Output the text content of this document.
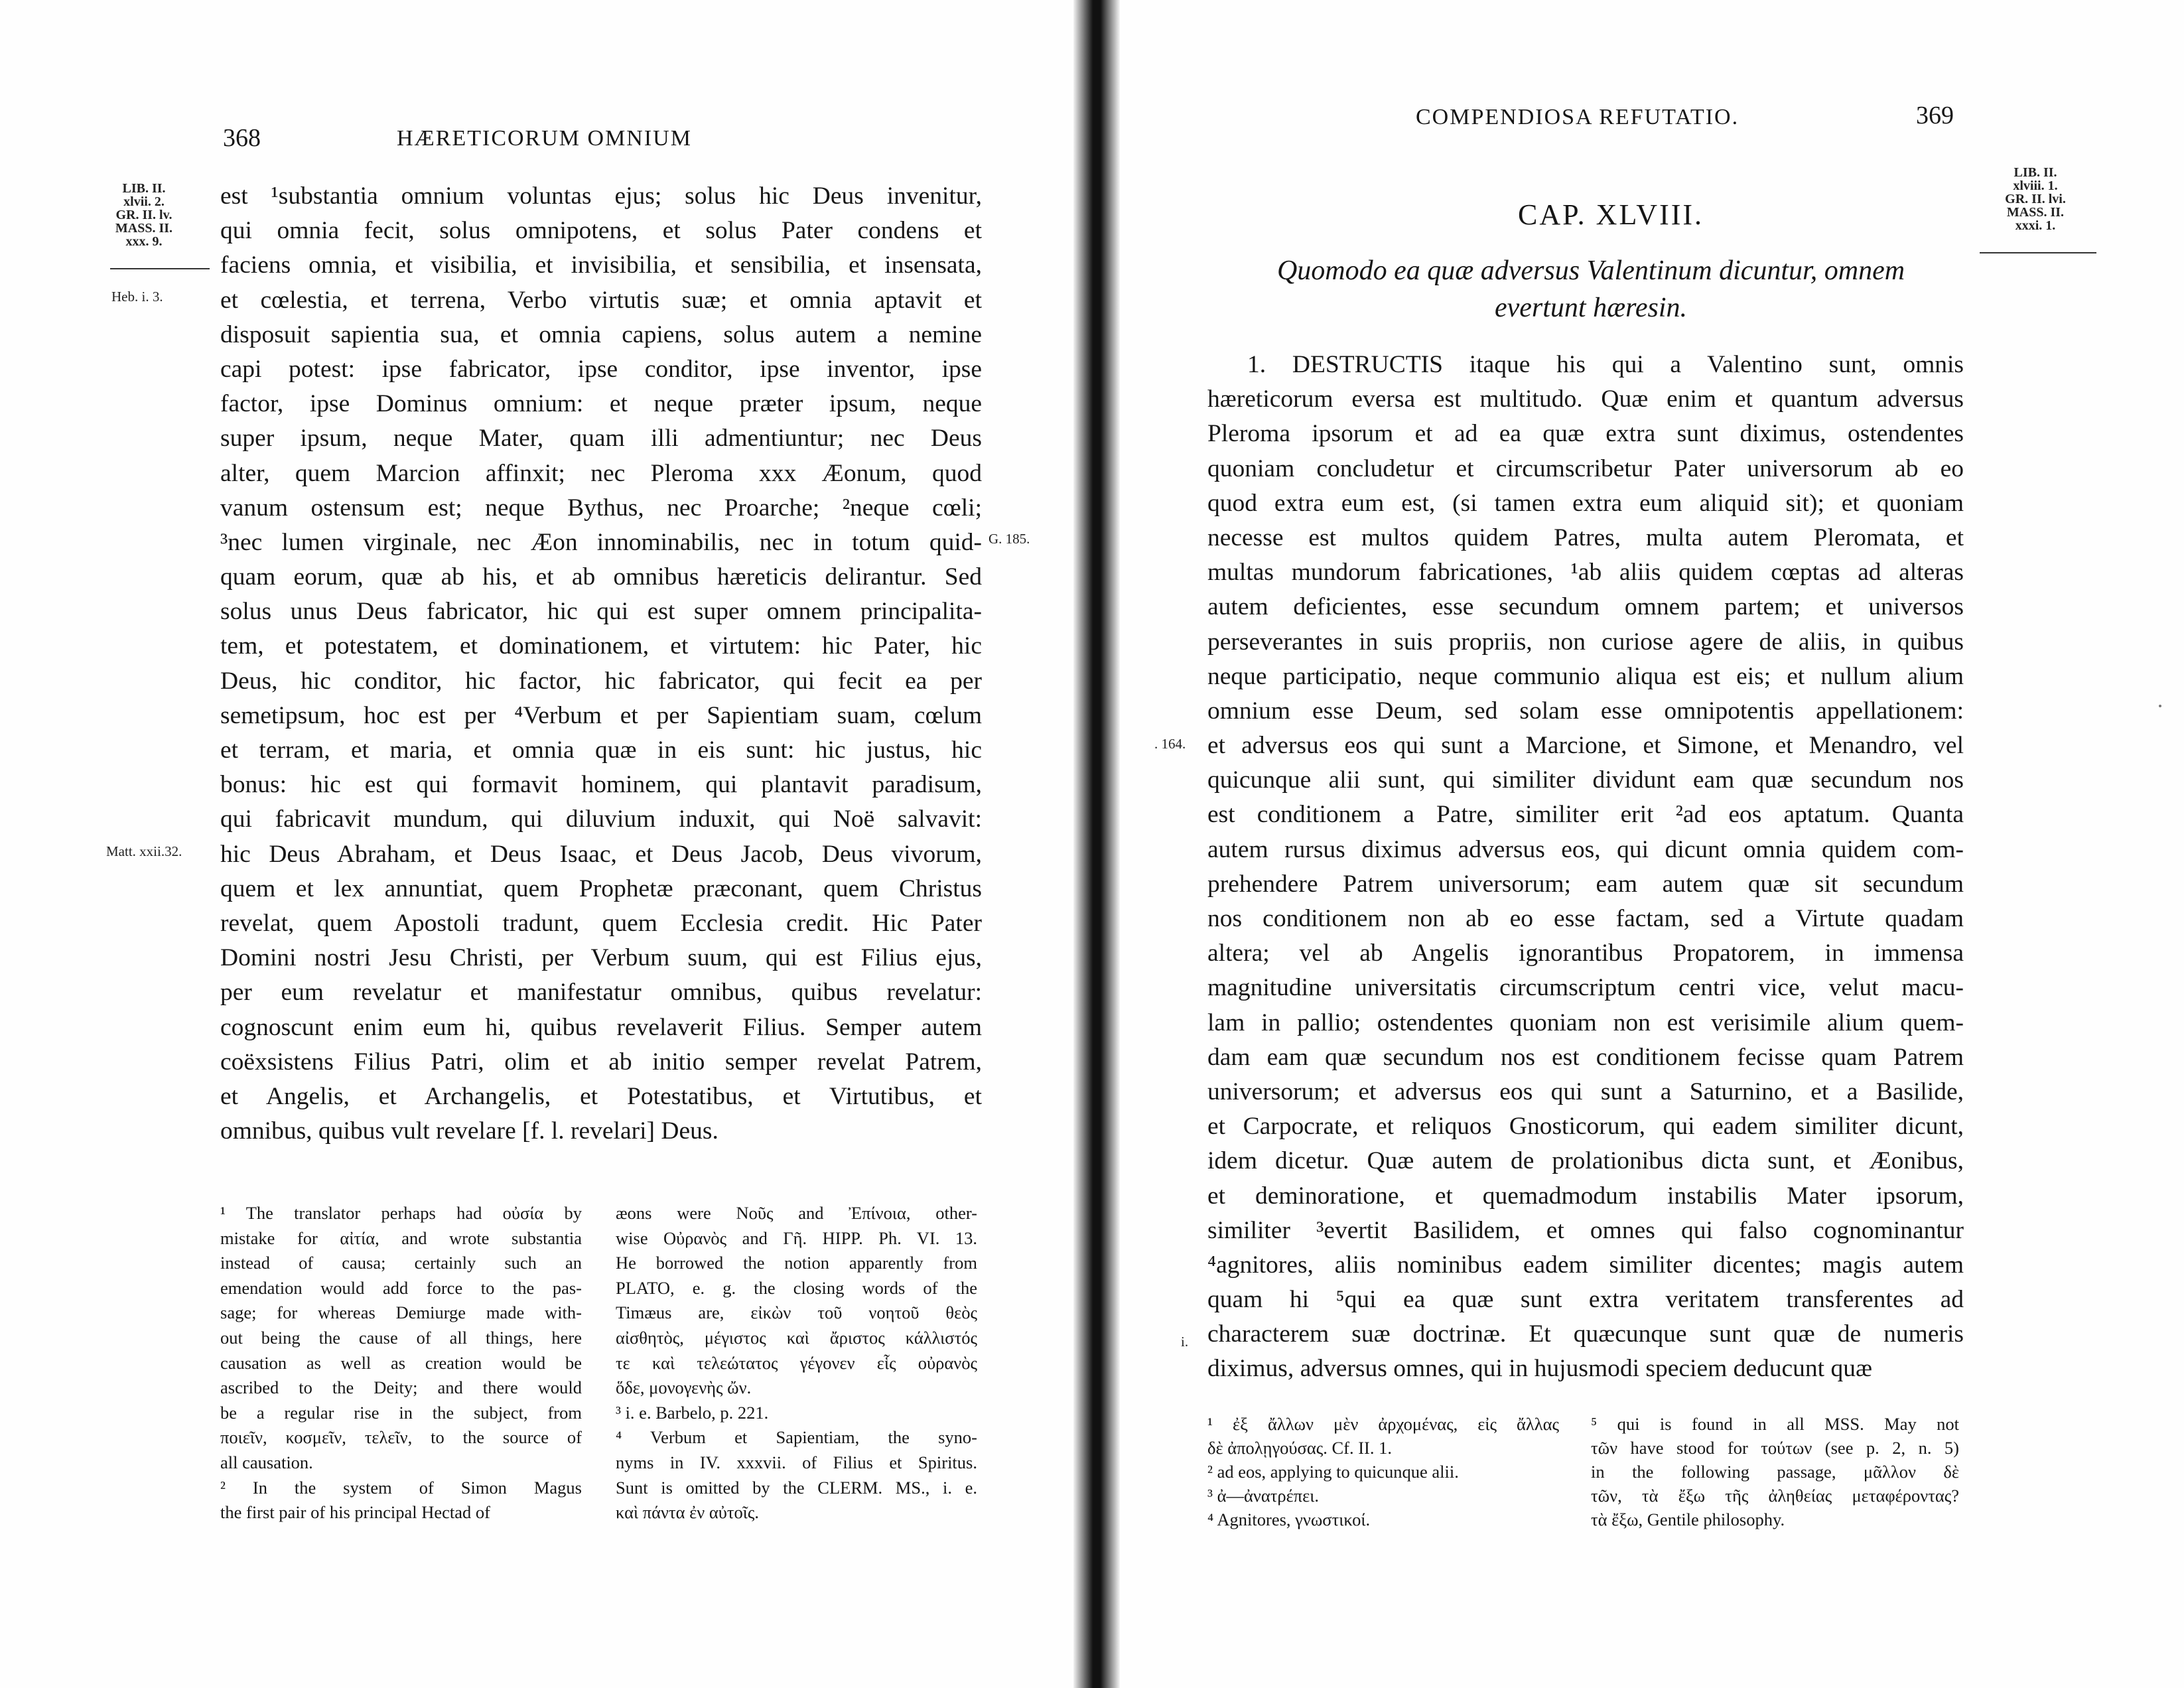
368	HÆRETICORUM OMNIUM
LIB. II.
xlvii. 2.
GR. II. lv.
MASS. II.
xxx. 9.
Heb. i. 3.
G. 185.
Matt. xxii.32.
est ¹substantia omnium voluntas ejus; solus hic Deus invenitur,
qui omnia fecit, solus omnipotens, et solus Pater condens et
faciens omnia, et visibilia, et invisibilia, et sensibilia, et insensata,
et cœlestia, et terrena, Verbo virtutis suæ; et omnia aptavit et
disposuit sapientia sua, et omnia capiens, solus autem a nemine
capi potest: ipse fabricator, ipse conditor, ipse inventor, ipse
factor, ipse Dominus omnium: et neque præter ipsum, neque
super ipsum, neque Mater, quam illi admentiuntur; nec Deus
alter, quem Marcion affinxit; nec Pleroma xxx Æonum, quod
vanum ostensum est; neque Bythus, nec Proarche; ²neque cœli;
³nec lumen virginale, nec Æon innominabilis, nec in totum quid-
quam eorum, quæ ab his, et ab omnibus hæreticis delirantur. Sed
solus unus Deus fabricator, hic qui est super omnem principalita-
tem, et potestatem, et dominationem, et virtutem: hic Pater, hic
Deus, hic conditor, hic factor, hic fabricator, qui fecit ea per
semetipsum, hoc est per ⁴Verbum et per Sapientiam suam, cœlum
et terram, et maria, et omnia quæ in eis sunt: hic justus, hic
bonus: hic est qui formavit hominem, qui plantavit paradisum,
qui fabricavit mundum, qui diluvium induxit, qui Noë salvavit:
hic Deus Abraham, et Deus Isaac, et Deus Jacob, Deus vivorum,
quem et lex annuntiat, quem Prophetæ præconant, quem Christus
revelat, quem Apostoli tradunt, quem Ecclesia credit. Hic Pater
Domini nostri Jesu Christi, per Verbum suum, qui est Filius ejus,
per eum revelatur et manifestatur omnibus, quibus revelatur:
cognoscunt enim eum hi, quibus revelaverit Filius. Semper autem
coëxsistens Filius Patri, olim et ab initio semper revelat Patrem,
et Angelis, et Archangelis, et Potestatibus, et Virtutibus, et
omnibus, quibus vult revelare [f. l. revelari] Deus.
¹ The translator perhaps had οὐσία by
mistake for αἰτία, and wrote substantia
instead of causa; certainly such an
emendation would add force to the pas-
sage; for whereas Demiurge made with-
out being the cause of all things, here
causation as well as creation would be
ascribed to the Deity; and there would
be a regular rise in the subject, from
ποιεῖν, κοσμεῖν, τελεῖν, to the source of
all causation.
² In the system of Simon Magus
the first pair of his principal Hectad of
æons were Νοῦς and Ἐπίνοια, other-
wise Οὐρανὸς and Γῆ. HIPP. Ph. VI. 13.
He borrowed the notion apparently from
PLATO, e. g. the closing words of the
Timæus are, εἰκὼν τοῦ νοητοῦ θεὸς
αἰσθητὸς, μέγιστος καὶ ἄριστος κάλλιστός
τε καὶ τελεώτατος γέγονεν εἷς οὐρανὸς
ὅδε, μονογενὴς ὤν.
³ i. e. Barbelo, p. 221.
⁴ Verbum et Sapientiam, the syno-
nyms in IV. xxxvii. of Filius et Spiritus.
Sunt is omitted by the CLERM. MS., i. e.
καὶ πάντα ἐν αὐτοῖς.
COMPENDIOSA REFUTATIO.	369
LIB. II.
xlviii. 1.
GR. II. lvi.
MASS. II.
xxxi. 1.
CAP. XLVIII.
Quomodo ea quæ adversus Valentinum dicuntur, omnem
evertunt hæresin.
. 164.
i.
1. DESTRUCTIS itaque his qui a Valentino sunt, omnis
hæreticorum eversa est multitudo. Quæ enim et quantum adversus
Pleroma ipsorum et ad ea quæ extra sunt diximus, ostendentes
quoniam concludetur et circumscribetur Pater universorum ab eo
quod extra eum est, (si tamen extra eum aliquid sit); et quoniam
necesse est multos quidem Patres, multa autem Pleromata, et
multas mundorum fabricationes, ¹ab aliis quidem cœptas ad alteras
autem deficientes, esse secundum omnem partem; et universos
perseverantes in suis propriis, non curiose agere de aliis, in quibus
neque participatio, neque communio aliqua est eis; et nullum alium
omnium esse Deum, sed solam esse omnipotentis appellationem:
et adversus eos qui sunt a Marcione, et Simone, et Menandro, vel
quicunque alii sunt, qui similiter dividunt eam quæ secundum nos
est conditionem a Patre, similiter erit ²ad eos aptatum. Quanta
autem rursus diximus adversus eos, qui dicunt omnia quidem com-
prehendere Patrem universorum; eam autem quæ sit secundum
nos conditionem non ab eo esse factam, sed a Virtute quadam
altera; vel ab Angelis ignorantibus Propatorem, in immensa
magnitudine universitatis circumscriptum centri vice, velut macu-
lam in pallio; ostendentes quoniam non est verisimile alium quem-
dam eam quæ secundum nos est conditionem fecisse quam Patrem
universorum; et adversus eos qui sunt a Saturnino, et a Basilide,
et Carpocrate, et reliquos Gnosticorum, qui eadem similiter dicunt,
idem dicetur. Quæ autem de prolationibus dicta sunt, et Æonibus,
et deminoratione, et quemadmodum instabilis Mater ipsorum,
similiter ³evertit Basilidem, et omnes qui falso cognominantur
⁴agnitores, aliis nominibus eadem similiter dicentes; magis autem
quam hi ⁵qui ea quæ sunt extra veritatem transferentes ad
characterem suæ doctrinæ. Et quæcunque sunt quæ de numeris
diximus, adversus omnes, qui in hujusmodi speciem deducunt quæ
¹ ἐξ ἄλλων μὲν ἀρχομένας, εἰς ἄλλας
δὲ ἀπολῃγούσας. Cf. II. 1.
² ad eos, applying to quicunque alii.
³ ἀ—ἀνατρέπει.
⁴ Agnitores, γνωστικοί.
⁵ qui is found in all MSS. May not
τῶν have stood for τούτων (see p. 2, n. 5)
in the following passage, μᾶλλον δὲ
τῶν, τὰ ἔξω τῆς ἀληθείας μεταφέροντας?
τὰ ἔξω, Gentile philosophy.
